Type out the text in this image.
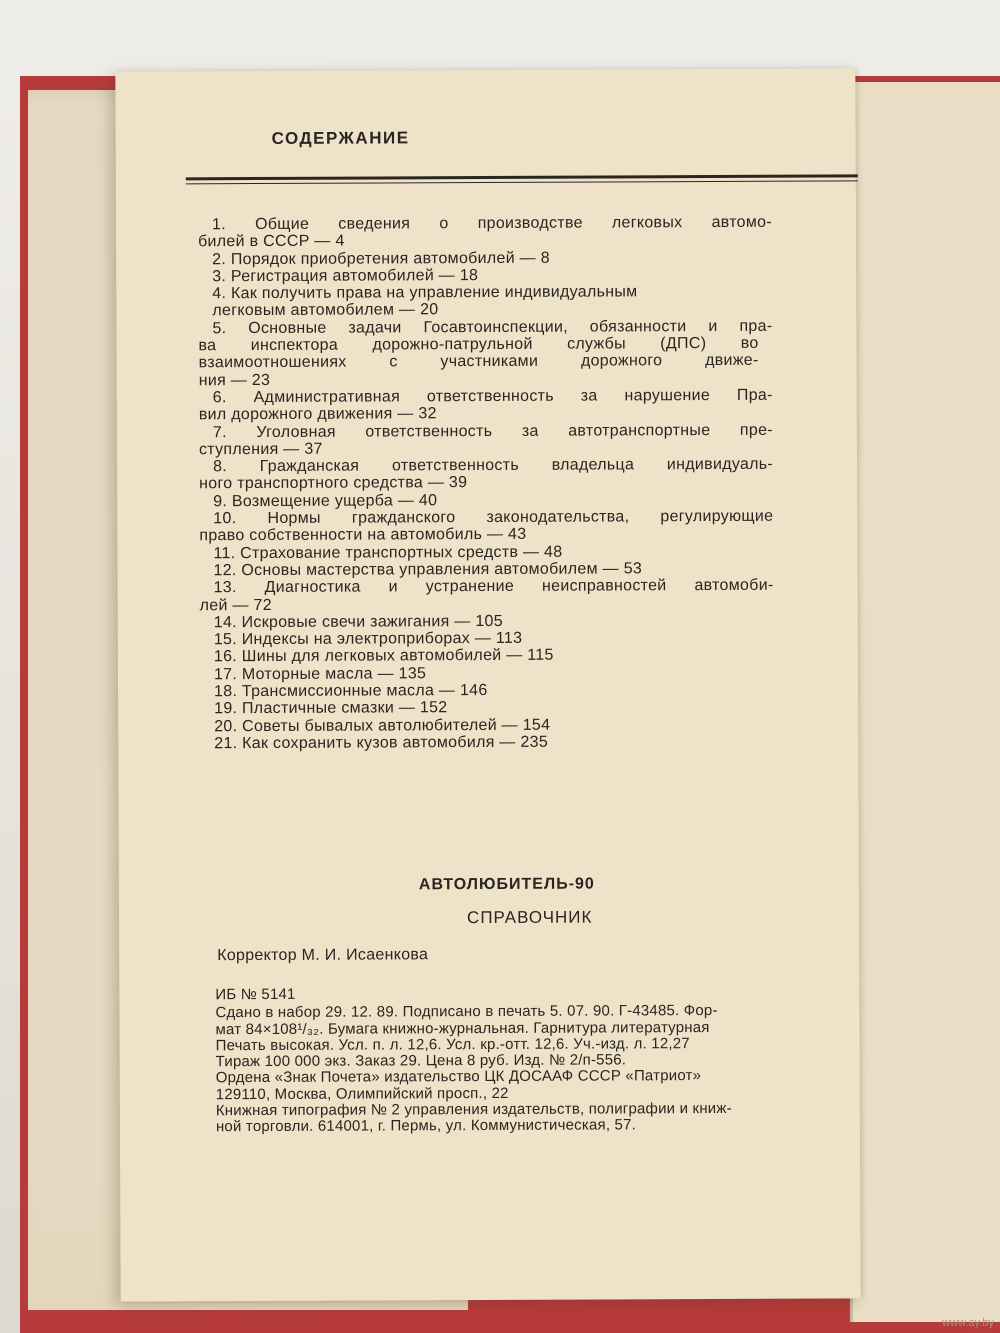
СОДЕРЖАНИЕ
1. Общие сведения о производстве легковых автомо-
билей в СССР — 4
2. Порядок приобретения автомобилей — 8
3. Регистрация автомобилей — 18
4. Как получить права на управление индивидуальным
легковым автомобилем — 20
5. Основные задачи Госавтоинспекции, обязанности и пра-
ва инспектора дорожно-патрульной службы (ДПС) во
взаимоотношениях с участниками дорожного движе-
ния — 23
6. Административная ответственность за нарушение Пра-
вил дорожного движения — 32
7. Уголовная ответственность за автотранспортные пре-
ступления — 37
8. Гражданская ответственность владельца индивидуаль-
ного транспортного средства — 39
9. Возмещение ущерба — 40
10. Нормы гражданского законодательства, регулирующие
право собственности на автомобиль — 43
11. Страхование транспортных средств — 48
12. Основы мастерства управления автомобилем — 53
13. Диагностика и устранение неисправностей автомоби-
лей — 72
14. Искровые свечи зажигания — 105
15. Индексы на электроприборах — 113
16. Шины для легковых автомобилей — 115
17. Моторные масла — 135
18. Трансмиссионные масла — 146
19. Пластичные смазки — 152
20. Советы бывалых автолюбителей — 154
21. Как сохранить кузов автомобиля — 235
АВТОЛЮБИТЕЛЬ-90
СПРАВОЧНИК
Корректор М. И. Исаенкова
ИБ № 5141
Сдано в набор 29. 12. 89. Подписано в печать 5. 07. 90. Г-43485. Фор-
мат 84×108¹/₃₂. Бумага книжно-журнальная. Гарнитура литературная
Печать высокая. Усл. п. л. 12,6. Усл. кр.-отт. 12,6. Уч.-изд. л. 12,27
Тираж 100 000 экз. Заказ 29. Цена 8 руб. Изд. № 2/п-556.
Ордена «Знак Почета» издательство ЦК ДОСААФ СССР «Патриот»
129110, Москва, Олимпийский просп., 22
Книжная типография № 2 управления издательств, полиграфии и книж-
ной торговли. 614001, г. Пермь, ул. Коммунистическая, 57.
www.ay.by
